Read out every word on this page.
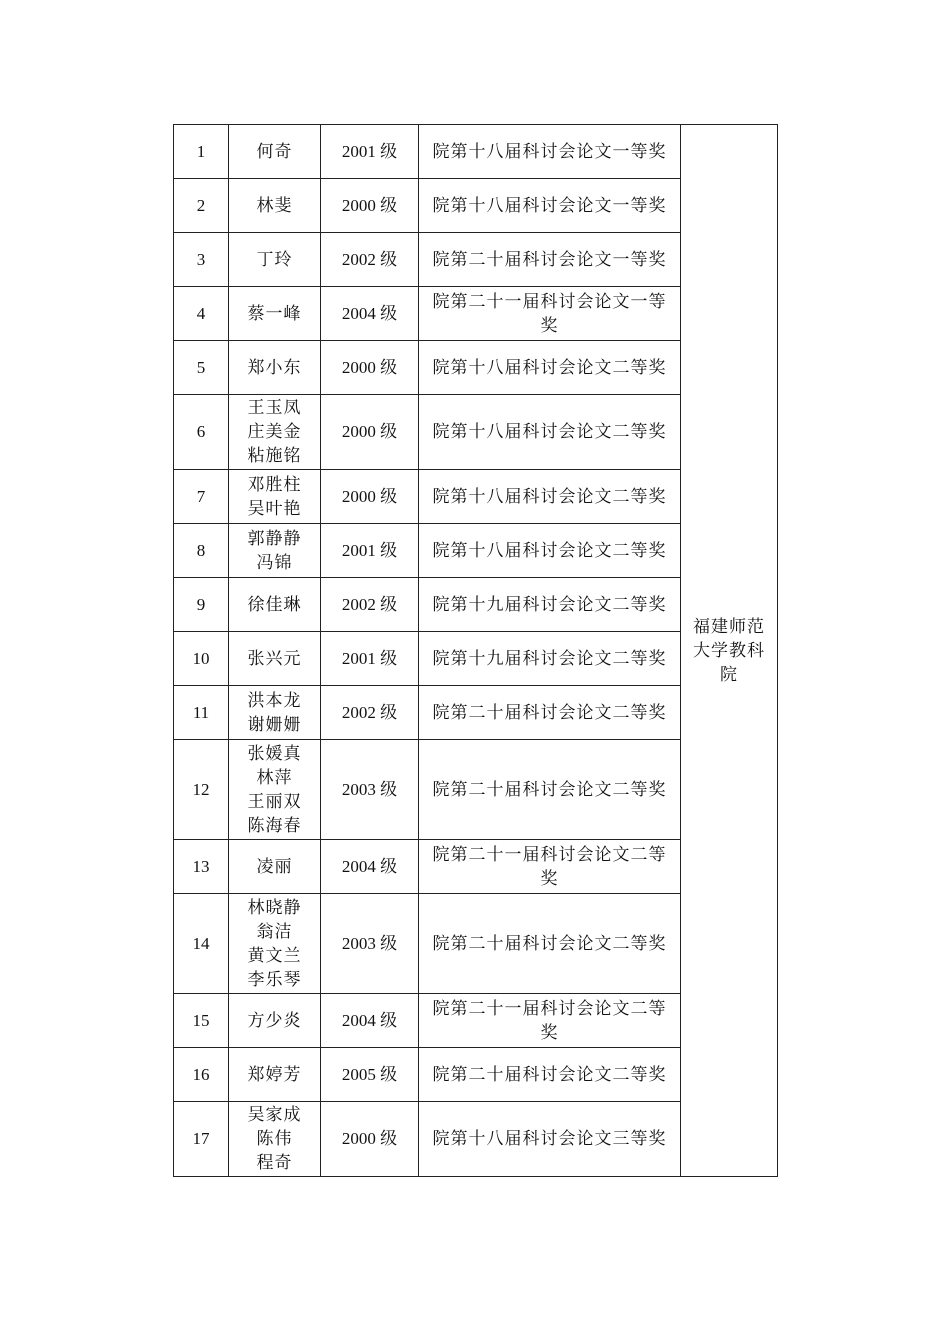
1	何奇	2001 级	院第十八届科讨会论文一等奖	福建师范大学教科院
2	林斐	2000 级	院第十八届科讨会论文一等奖	
3	丁玲	2002 级	院第二十届科讨会论文一等奖	
4	蔡一峰	2004 级	院第二十一届科讨会论文一等奖	
5	郑小东	2000 级	院第十八届科讨会论文二等奖	
6	王玉凤
庄美金
粘施铭	2000 级	院第十八届科讨会论文二等奖	
7	邓胜柱
吴叶艳	2000 级	院第十八届科讨会论文二等奖	
8	郭静静
冯锦	2001 级	院第十八届科讨会论文二等奖	
9	徐佳琳	2002 级	院第十九届科讨会论文二等奖	
10	张兴元	2001 级	院第十九届科讨会论文二等奖	
11	洪本龙
谢姗姗	2002 级	院第二十届科讨会论文二等奖	
12	张媛真
林萍
王丽双
陈海春	2003 级	院第二十届科讨会论文二等奖	
13	凌丽	2004 级	院第二十一届科讨会论文二等奖	
14	林晓静
翁洁
黄文兰
李乐琴	2003 级	院第二十届科讨会论文二等奖	
15	方少炎	2004 级	院第二十一届科讨会论文二等奖	
16	郑婷芳	2005 级	院第二十届科讨会论文二等奖	
17	吴家成
陈伟
程奇	2000 级	院第十八届科讨会论文三等奖	
